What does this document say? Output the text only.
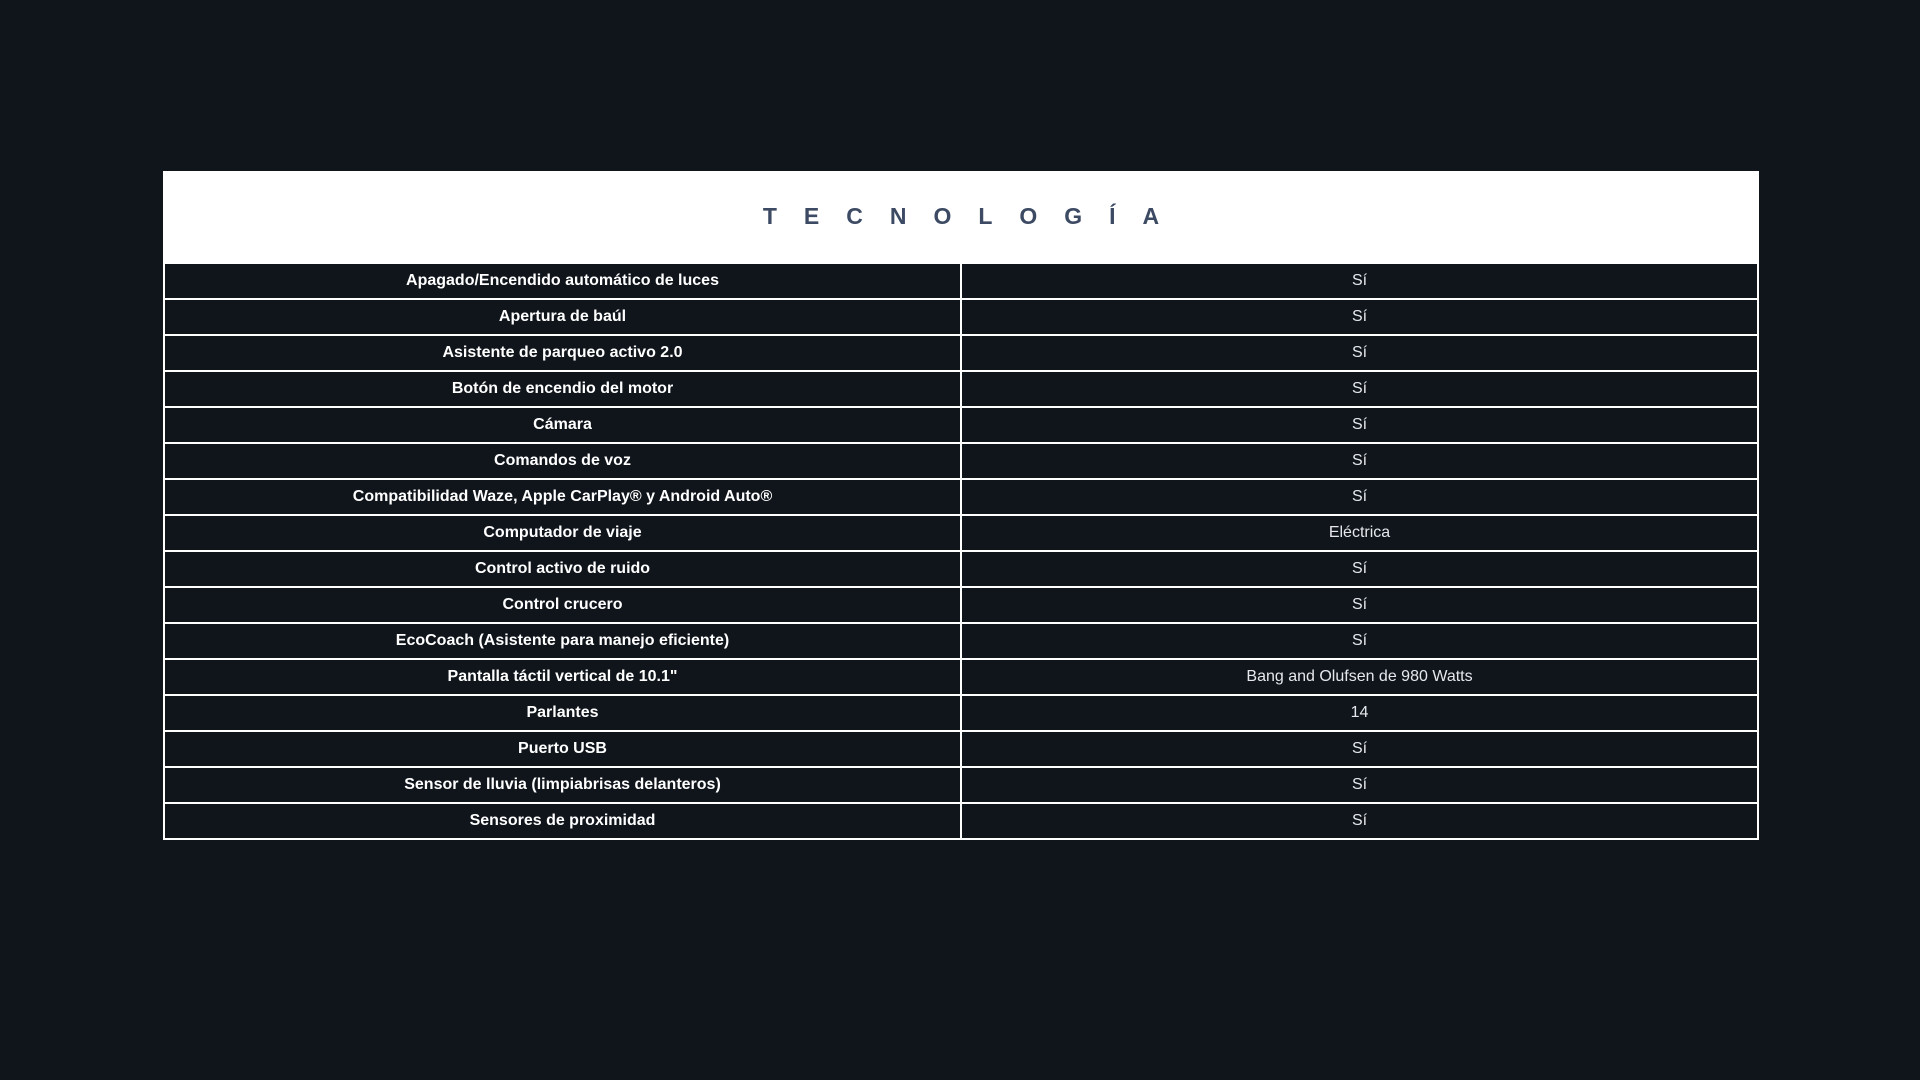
TECNOLOGÍA
Apagado/Encendido automático de luces	Sí
Apertura de baúl	Sí
Asistente de parqueo activo 2.0	Sí
Botón de encendio del motor	Sí
Cámara	Sí
Comandos de voz	Sí
Compatibilidad Waze, Apple CarPlay® y Android Auto®	Sí
Computador de viaje	Eléctrica
Control activo de ruido	Sí
Control crucero	Sí
EcoCoach (Asistente para manejo eficiente)	Sí
Pantalla táctil vertical de 10.1"	Bang and Olufsen de 980 Watts
Parlantes	14
Puerto USB	Sí
Sensor de lluvia (limpiabrisas delanteros)	Sí
Sensores de proximidad	Sí
